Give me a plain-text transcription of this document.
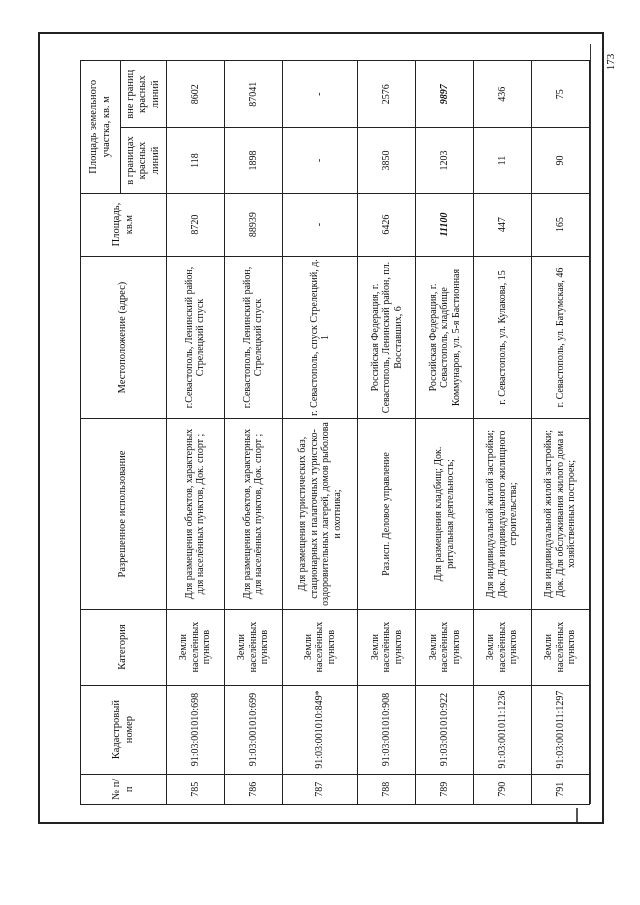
173
№ п/п	Кадастровый номер	Категория	Разрешенное использование	Местоположение (адрес)	Площадь, кв.м	Площадь земельного участка, кв. м	
						в границах красных линий	вне границ красных линий
785	91:03:001010:698	Земли населённых пунктов	Для размещения объектов, характерных для населённых пунктов, Док. спорт ;	г.Севастополь, Ленинский район, Стрелецкий спуск	8720	118	8602
786	91:03:001010:699	Земли населённых пунктов	Для размещения объектов, характерных для населённых пунктов, Док. спорт ;	г.Севастополь, Ленинский район, Стрелецкий спуск	88939	1898	87041
787	91:03:001010:849*	Земли населённых пунктов	Для размещения туристических баз, стационарных и палаточных туристско-оздоровительных лагерей, домов рыболова и охотника;	г. Севастополь, спуск Стрелецкий, д. 1	-	-	-
788	91:03:001010:908	Земли населённых пунктов	Раз.исп. Деловое управление	Российская Федерация, г. Севастополь, Ленинский район, пл. Восставших, 6	6426	3850	2576
789	91:03:001010:922	Земли населённых пунктов	Для размещения кладбищ; Док. ритуальная деятельность;	Российская Федерация, г. Севастополь, кладбище Коммунаров, ул. 5-я Бастионная	11100	1203	9897
790	91:03:001011:1236	Земли населённых пунктов	Для индивидуальной жилой застройки; Док. Для индивидуального жилищного строительства;	г. Севастополь, ул. Кулакова, 15	447	11	436
791	91:03:001011:1297	Земли населённых пунктов	Для индивидуальной жилой застройки; Док. Для обслуживания жилого дома и хозяйственных построек;	г. Севастополь, ул. Батумская, 46	165	90	75
